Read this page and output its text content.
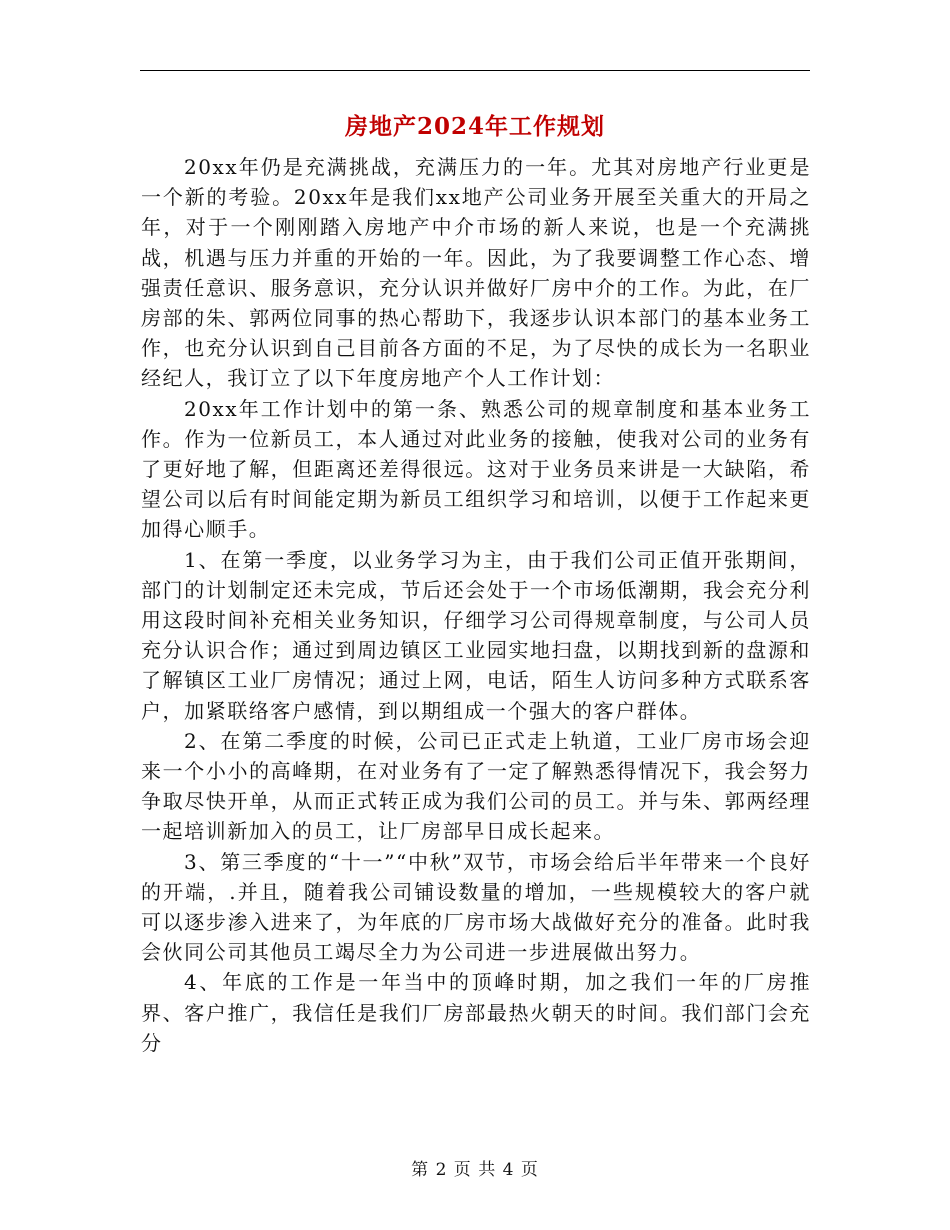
房地产2024年工作规划

20xx年仍是充满挑战，充满压力的一年。尤其对房地产行业更是一个新的考验。20xx年是我们xx地产公司业务开展至关重大的开局之年，对于一个刚刚踏入房地产中介市场的新人来说，也是一个充满挑战，机遇与压力并重的开始的一年。因此，为了我要调整工作心态、增强责任意识、服务意识，充分认识并做好厂房中介的工作。为此，在厂房部的朱、郭两位同事的热心帮助下，我逐步认识本部门的基本业务工作，也充分认识到自己目前各方面的不足，为了尽快的成长为一名职业经纪人，我订立了以下年度房地产个人工作计划：

20xx年工作计划中的第一条、熟悉公司的规章制度和基本业务工作。作为一位新员工，本人通过对此业务的接触，使我对公司的业务有了更好地了解，但距离还差得很远。这对于业务员来讲是一大缺陷，希望公司以后有时间能定期为新员工组织学习和培训，以便于工作起来更加得心顺手。

1、在第一季度，以业务学习为主，由于我们公司正值开张期间，部门的计划制定还未完成，节后还会处于一个市场低潮期，我会充分利用这段时间补充相关业务知识，仔细学习公司得规章制度，与公司人员充分认识合作；通过到周边镇区工业园实地扫盘，以期找到新的盘源和了解镇区工业厂房情况；通过上网，电话，陌生人访问多种方式联系客户，加紧联络客户感情，到以期组成一个强大的客户群体。

2、在第二季度的时候，公司已正式走上轨道，工业厂房市场会迎来一个小小的高峰期，在对业务有了一定了解熟悉得情况下，我会努力争取尽快开单，从而正式转正成为我们公司的员工。并与朱、郭两经理一起培训新加入的员工，让厂房部早日成长起来。

3、第三季度的“十一”“中秋”双节，市场会给后半年带来一个良好的开端，.并且，随着我公司铺设数量的增加，一些规模较大的客户就可以逐步渗入进来了，为年底的厂房市场大战做好充分的准备。此时我会伙同公司其他员工竭尽全力为公司进一步进展做出努力。

4、年底的工作是一年当中的顶峰时期，加之我们一年的厂房推界、客户推广，我信任是我们厂房部最热火朝天的时间。我们部门会充分

第 2 页 共 4 页
